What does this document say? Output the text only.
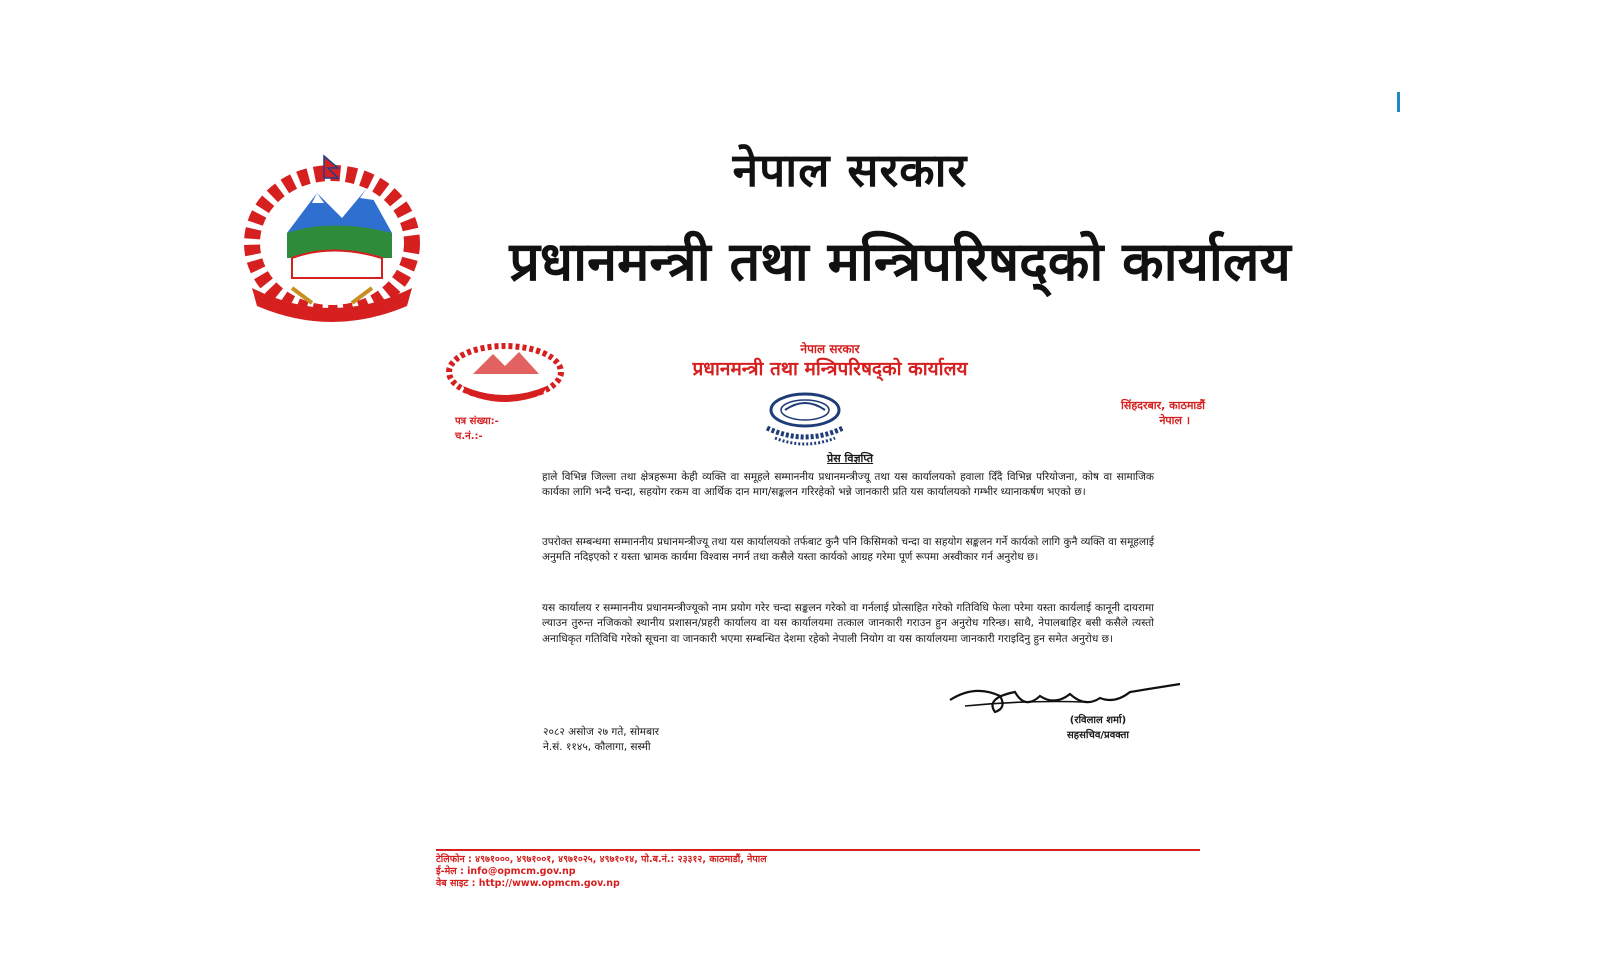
नेपाल सरकार
प्रधानमन्त्री तथा मन्त्रिपरिषद्को कार्यालय
नेपाल सरकार
प्रधानमन्त्री तथा मन्त्रिपरिषद्को कार्यालय
सिंहदरबार, काठमाडौं
नेपाल ।
पत्र संख्या:-
च.नं.:-
प्रेस विज्ञप्ति
हाले विभिन्न जिल्ला तथा क्षेत्रहरूमा केही व्यक्ति वा समूहले सम्माननीय प्रधानमन्त्रीज्यू तथा यस कार्यालयको हवाला दिँदै विभिन्न परियोजना, कोष वा सामाजिक कार्यका लागि भन्दै चन्दा, सहयोग रकम वा आर्थिक दान माग/सङ्कलन गरिरहेको भन्ने जानकारी प्रति यस कार्यालयको गम्भीर ध्यानाकर्षण भएको छ।
उपरोक्त सम्बन्धमा सम्माननीय प्रधानमन्त्रीज्यू तथा यस कार्यालयको तर्फबाट कुनै पनि किसिमको चन्दा वा सहयोग सङ्कलन गर्ने कार्यको लागि कुनै व्यक्ति वा समूहलाई अनुमति नदिइएको र यस्ता भ्रामक कार्यमा विश्वास नगर्न तथा कसैले यस्ता कार्यको आग्रह गरेमा पूर्ण रूपमा अस्वीकार गर्न अनुरोध छ।
यस कार्यालय र सम्माननीय प्रधानमन्त्रीज्यूको नाम प्रयोग गरेर चन्दा सङ्कलन गरेको वा गर्नलाई प्रोत्साहित गरेको गतिविधि फेला परेमा यस्ता कार्यलाई कानूनी दायरामा ल्याउन तुरुन्त नजिकको स्थानीय प्रशासन/प्रहरी कार्यालय वा यस कार्यालयमा तत्काल जानकारी गराउन हुन अनुरोध गरिन्छ। साथै, नेपालबाहिर बसी कसैले त्यस्तो अनाधिकृत गतिविधि गरेको सूचना वा जानकारी भएमा सम्बन्धित देशमा रहेको नेपाली नियोग वा यस कार्यालयमा जानकारी गराइदिनु हुन समेत अनुरोध छ।
(रविलाल शर्मा)
सहसचिव/प्रवक्ता
२०८२ असोज २७ गते, सोमबार
ने.सं. ११४५, कौलागा, सस्मी
टेलिफोन : ४९७१०००, ४९७१००१, ४९७१०२५, ४९७१०१४, पो.ब.नं.: २३३१२, काठमाडौं, नेपाल
ई-मेल : info@opmcm.gov.np
वेब साइट : http://www.opmcm.gov.np
